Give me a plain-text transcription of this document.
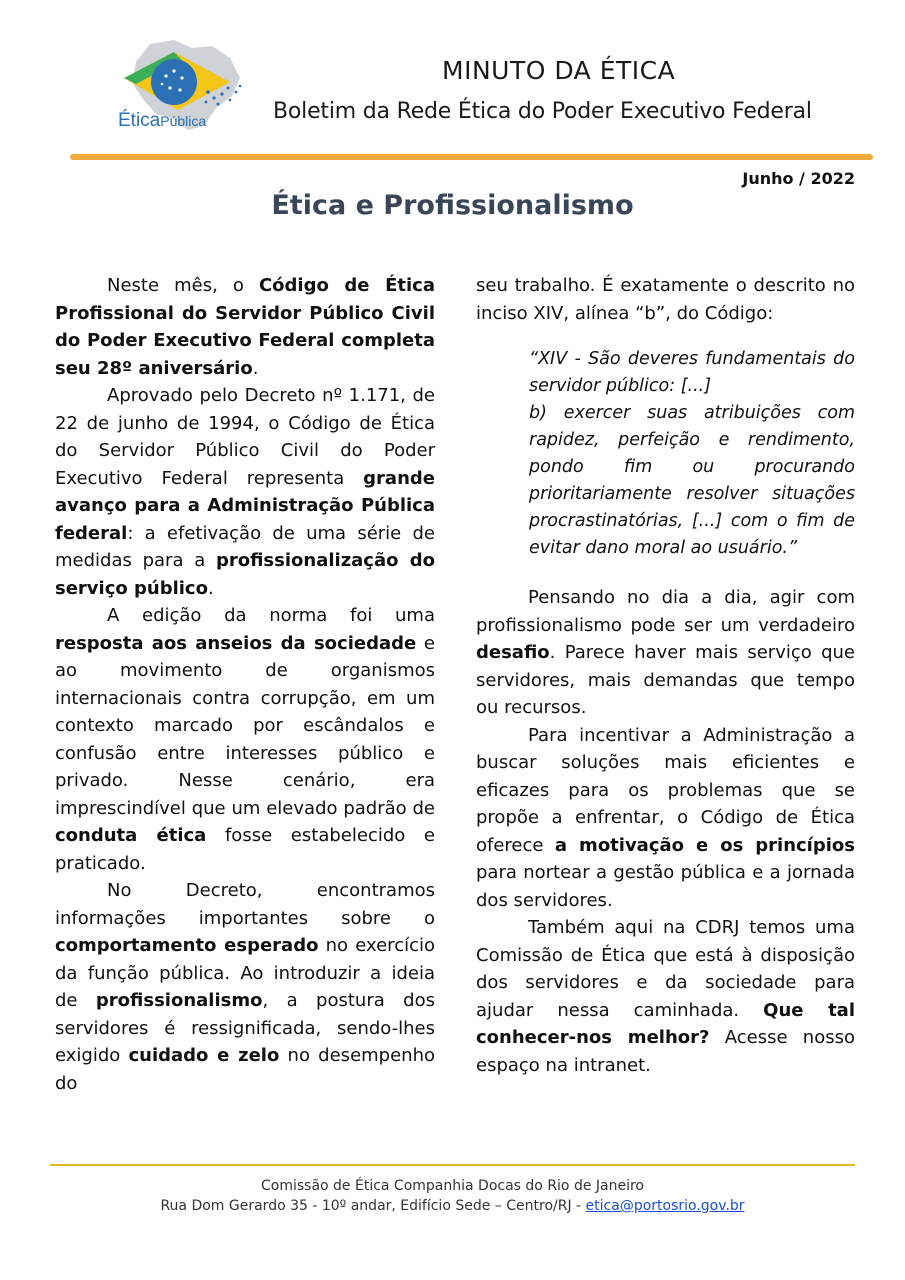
ÉticaPública
MINUTO DA ÉTICA
Boletim da Rede Ética do Poder Executivo Federal
Junho / 2022
Ética e Profissionalismo

Neste mês, o Código de Ética Profissional do Servidor Público Civil do Poder Executivo Federal completa seu 28º aniversário.

Aprovado pelo Decreto nº 1.171, de 22 de junho de 1994, o Código de Ética do Servidor Público Civil do Poder Executivo Federal representa grande avanço para a Administração Pública federal: a efetivação de uma série de medidas para a profissionalização do serviço público.

A edição da norma foi uma resposta aos anseios da sociedade e ao movimento de organismos internacionais contra corrupção, em um contexto marcado por escândalos e confusão entre interesses público e privado. Nesse cenário, era imprescindível que um elevado padrão de conduta ética fosse estabelecido e praticado.

No Decreto, encontramos informações importantes sobre o comportamento esperado no exercício da função pública. Ao introduzir a ideia de profissionalismo, a postura dos servidores é ressignificada, sendo-lhes exigido cuidado e zelo no desempenho do

seu trabalho. É exatamente o descrito no inciso XIV, alínea “b”, do Código:

“XIV - São deveres fundamentais do servidor público: [...]

b) exercer suas atribuições com rapidez, perfeição e rendimento, pondo fim ou procurando prioritariamente resolver situações procrastinatórias, [...] com o fim de evitar dano moral ao usuário.”

Pensando no dia a dia, agir com profissionalismo pode ser um verdadeiro desafio. Parece haver mais serviço que servidores, mais demandas que tempo ou recursos.

Para incentivar a Administração a buscar soluções mais eficientes e eficazes para os problemas que se propõe a enfrentar, o Código de Ética oferece a motivação e os princípios para nortear a gestão pública e a jornada dos servidores.

Também aqui na CDRJ temos uma Comissão de Ética que está à disposição dos servidores e da sociedade para ajudar nessa caminhada. Que tal conhecer-nos melhor? Acesse nosso espaço na intranet.

Comissão de Ética Companhia Docas do Rio de Janeiro
Rua Dom Gerardo 35 - 10º andar, Edifício Sede – Centro/RJ - etica@portosrio.gov.br
